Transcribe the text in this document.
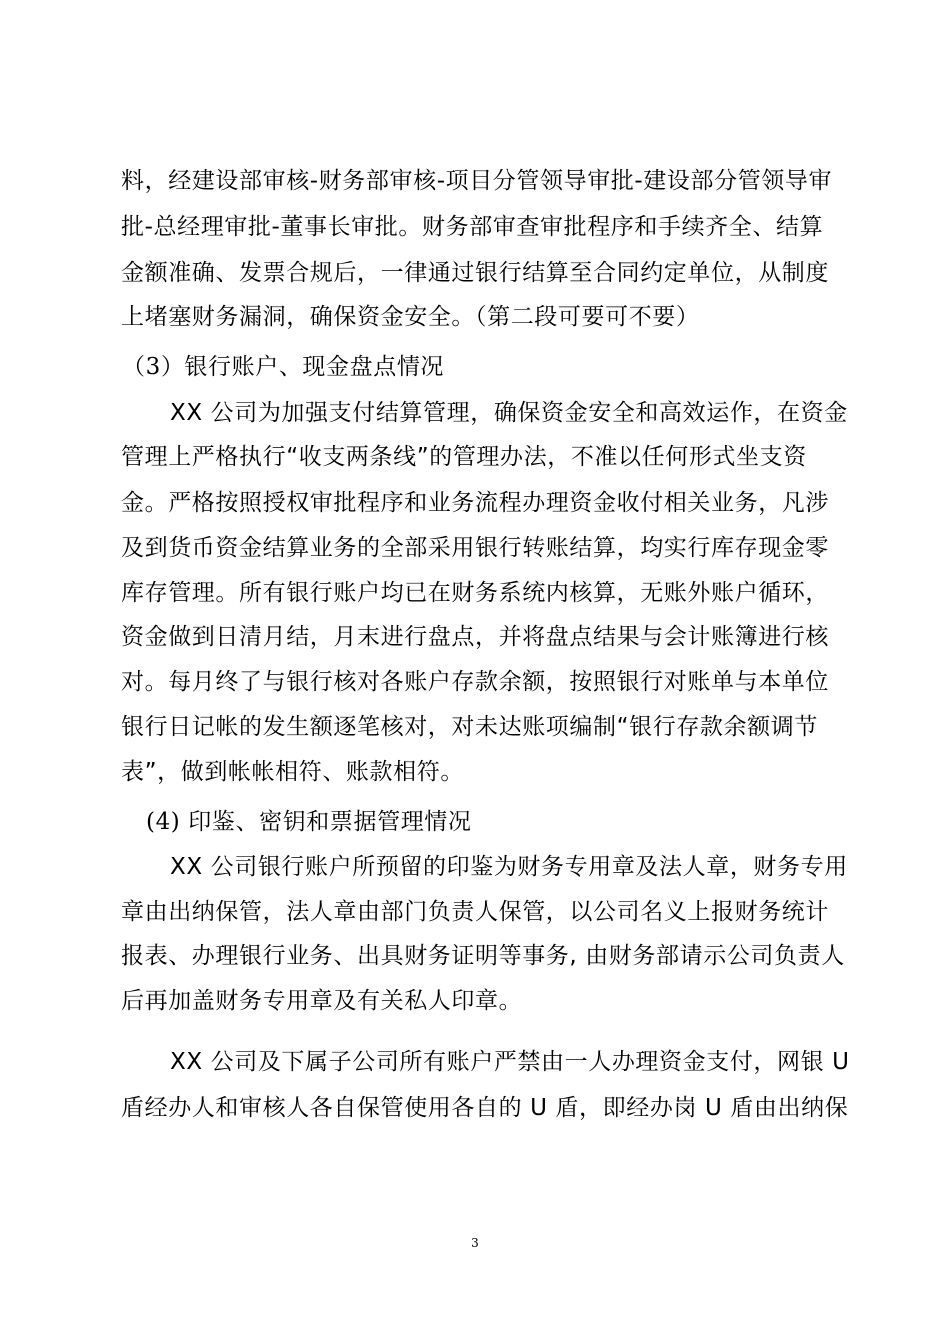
料，经建设部审核-财务部审核-项目分管领导审批-建设部分管领导审
批-总经理审批-董事长审批。财务部审查审批程序和手续齐全、结算
金额准确、发票合规后，一律通过银行结算至合同约定单位，从制度
上堵塞财务漏洞，确保资金安全。（第二段可要可不要）
（3）银行账户、现金盘点情况
XX 公司为加强支付结算管理，确保资金安全和高效运作，在资金
管理上严格执行“收支两条线”的管理办法，不准以任何形式坐支资
金。严格按照授权审批程序和业务流程办理资金收付相关业务，凡涉
及到货币资金结算业务的全部采用银行转账结算，均实行库存现金零
库存管理。所有银行账户均已在财务系统内核算，无账外账户循环，
资金做到日清月结，月末进行盘点，并将盘点结果与会计账簿进行核
对。每月终了与银行核对各账户存款余额，按照银行对账单与本单位
银行日记帐的发生额逐笔核对，对未达账项编制“银行存款余额调节
表”，做到帐帐相符、账款相符。
(4) 印鉴、密钥和票据管理情况
XX 公司银行账户所预留的印鉴为财务专用章及法人章，财务专用
章由出纳保管，法人章由部门负责人保管，以公司名义上报财务统计
报表、办理银行业务、出具财务证明等事务, 由财务部请示公司负责人
后再加盖财务专用章及有关私人印章。
XX 公司及下属子公司所有账户严禁由一人办理资金支付，网银 U
盾经办人和审核人各自保管使用各自的 U 盾，即经办岗 U 盾由出纳保
3
